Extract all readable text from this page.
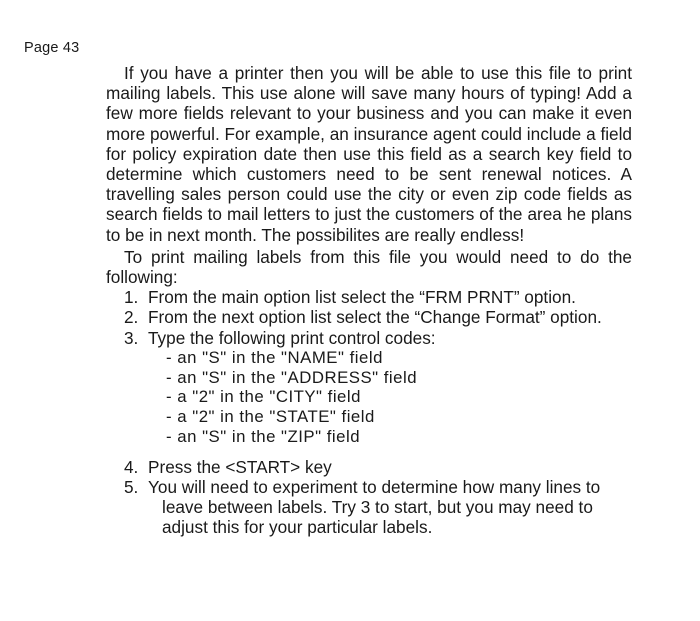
Page 43

If you have a printer then you will be able to use this file to print mailing labels. This use alone will save many hours of typing! Add a few more fields relevant to your business and you can make it even more powerful. For example, an insurance agent could include a field for policy expiration date then use this field as a search key field to determine which customers need to be sent renewal notices. A travelling sales person could use the city or even zip code fields as search fields to mail letters to just the customers of the area he plans to be in next month. The possibilites are really endless!

To print mailing labels from this file you would need to do the following:

1. From the main option list select the “FRM PRNT” option.
2. From the next option list select the “Change Format” option.
3. Type the following print control codes:
- an "S" in the "NAME" field
- an "S" in the "ADDRESS" field
- a "2" in the "CITY" field
- a "2" in the "STATE" field
- an "S" in the "ZIP" field
4. Press the <START> key
5. You will need to experiment to determine how many lines to leave between labels. Try 3 to start, but you may need to adjust this for your particular labels.
